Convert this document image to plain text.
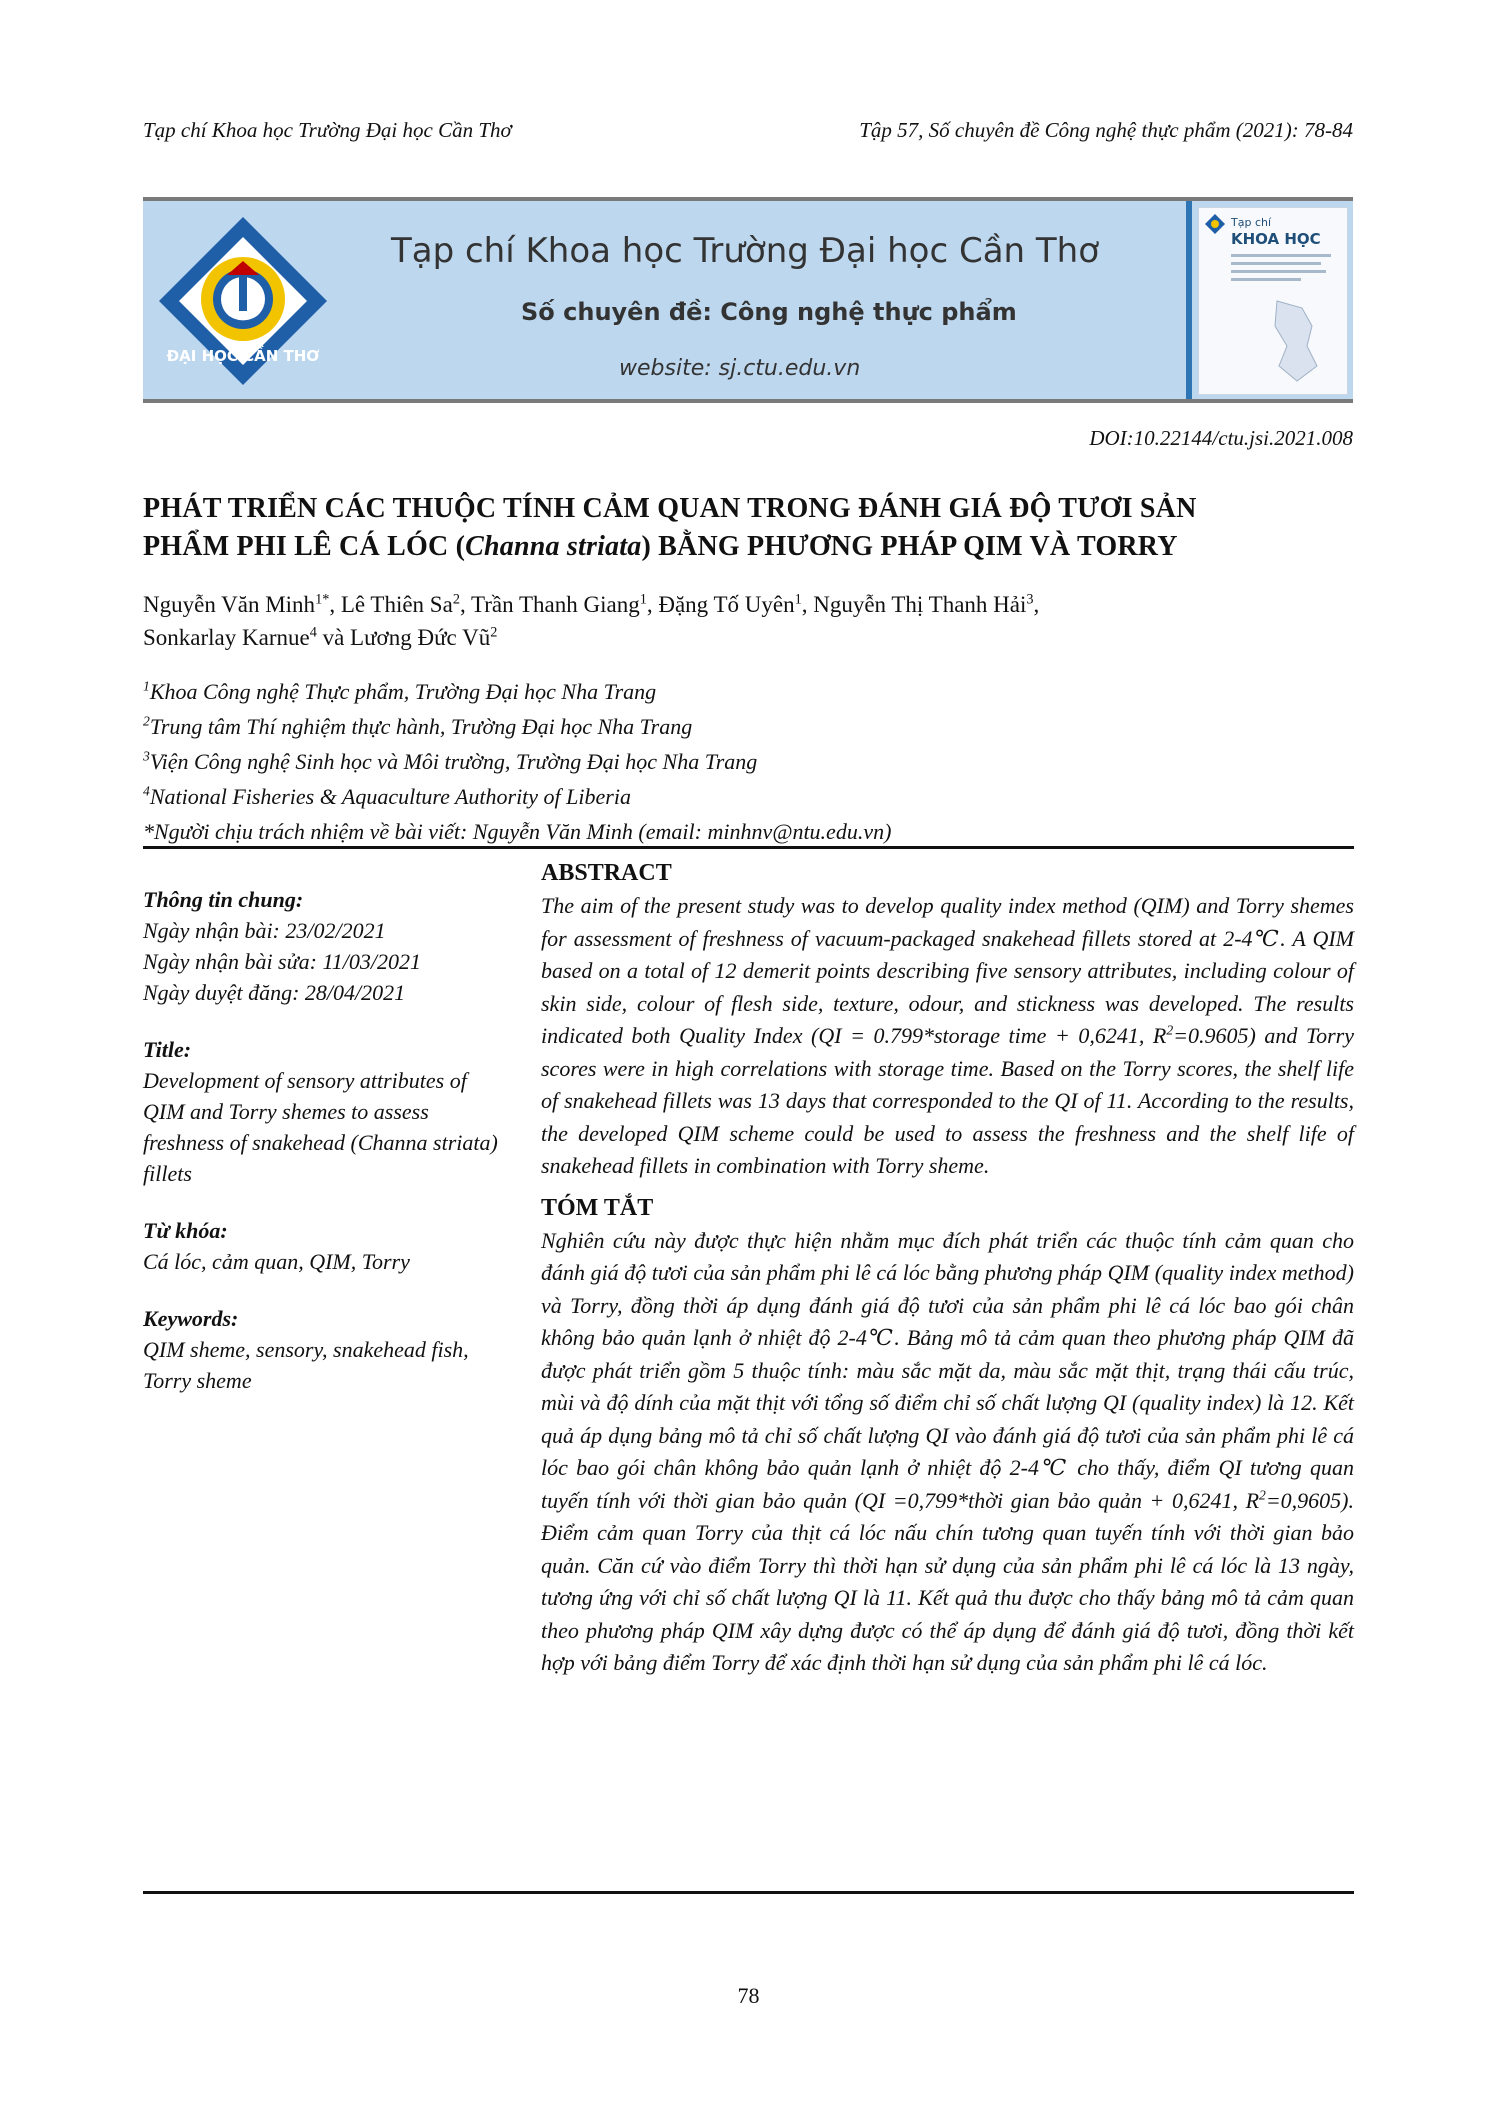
Tạp chí Khoa học Trường Đại học Cần Thơ	Tập 57, Số chuyên đề Công nghệ thực phẩm (2021): 78-84
ĐẠI HỌC CẦN THƠ
Tạp chí Khoa học Trường Đại học Cần Thơ
Số chuyên đề: Công nghệ thực phẩm
website: sj.ctu.edu.vn
Tạp chí
KHOA HỌC
DOI:10.22144/ctu.jsi.2021.008
PHÁT TRIỂN CÁC THUỘC TÍNH CẢM QUAN TRONG ĐÁNH GIÁ ĐỘ TƯƠI SẢN
PHẨM PHI LÊ CÁ LÓC (Channa striata) BẰNG PHƯƠNG PHÁP QIM VÀ TORRY
Nguyễn Văn Minh$^{1*}$, Lê Thiên Sa$^2$, Trần Thanh Giang$^1$, Đặng Tố Uyên$^1$, Nguyễn Thị Thanh Hải$^3$,
Sonkarlay Karnue$^4$ và Lương Đức $Vũ^2$
$^1$Khoa Công nghệ Thực phẩm, Trường Đại học Nha Trang
$^2$Trung tâm Thí nghiệm thực hành, Trường Đại học Nha Trang
$^3$Viện Công nghệ Sinh học và Môi trường, Trường Đại học Nha Trang
$^4$National Fisheries & Aquaculture Authority of Liberia
*Người chịu trách nhiệm về bài viết: Nguyễn Văn Minh (email: minhnv@ntu.edu.vn)
Thông tin chung:
Ngày nhận bài: 23/02/2021
Ngày nhận bài sửa: 11/03/2021
Ngày duyệt đăng: 28/04/2021
Title:
Development of sensory attributes of QIM and Torry shemes to assess freshness of snakehead (Channa striata) fillets
Từ khóa:
Cá lóc, cảm quan, QIM, Torry
Keywords:
QIM sheme, sensory, snakehead fish, Torry sheme
ABSTRACT
The aim of the present study was to develop quality index method (QIM) and Torry shemes for assessment of freshness of vacuum-packaged snakehead fillets stored at 2-4℃. A QIM based on a total of 12 demerit points describing five sensory attributes, including colour of skin side, colour of flesh side, texture, odour, and stickness was developed. The results indicated both Quality Index (QI = 0.799*storage time + 0,6241, $R^2=0.9605$) and Torry scores were in high correlations with storage time. Based on the Torry scores, the shelf life of snakehead fillets was 13 days that corresponded to the QI of 11. According to the results, the developed QIM scheme could be used to assess the freshness and the shelf life of snakehead fillets in combination with Torry sheme.
TÓM TẮT
Nghiên cứu này được thực hiện nhằm mục đích phát triển các thuộc tính cảm quan cho đánh giá độ tươi của sản phẩm phi lê cá lóc bằng phương pháp QIM (quality index method) và Torry, đồng thời áp dụng đánh giá độ tươi của sản phẩm phi lê cá lóc bao gói chân không bảo quản lạnh ở nhiệt độ 2-4℃. Bảng mô tả cảm quan theo phương pháp QIM đã được phát triển gồm 5 thuộc tính: màu sắc mặt da, màu sắc mặt thịt, trạng thái cấu trúc, mùi và độ dính của mặt thịt với tổng số điểm chỉ số chất lượng QI (quality index) là 12. Kết quả áp dụng bảng mô tả chỉ số chất lượng QI vào đánh giá độ tươi của sản phẩm phi lê cá lóc bao gói chân không bảo quản lạnh ở nhiệt độ 2-4℃ cho thấy, điểm QI tương quan tuyến tính với thời gian bảo quản (QI =0,799*thời gian bảo quản + 0,6241, $R^2=0,9605$). Điểm cảm quan Torry của thịt cá lóc nấu chín tương quan tuyến tính với thời gian bảo quản. Căn cứ vào điểm Torry thì thời hạn sử dụng của sản phẩm phi lê cá lóc là 13 ngày, tương ứng với chỉ số chất lượng QI là 11. Kết quả thu được cho thấy bảng mô tả cảm quan theo phương pháp QIM xây dựng được có thể áp dụng để đánh giá độ tươi, đồng thời kết hợp với bảng điểm Torry để xác định thời hạn sử dụng của sản phẩm phi lê cá lóc.
78
